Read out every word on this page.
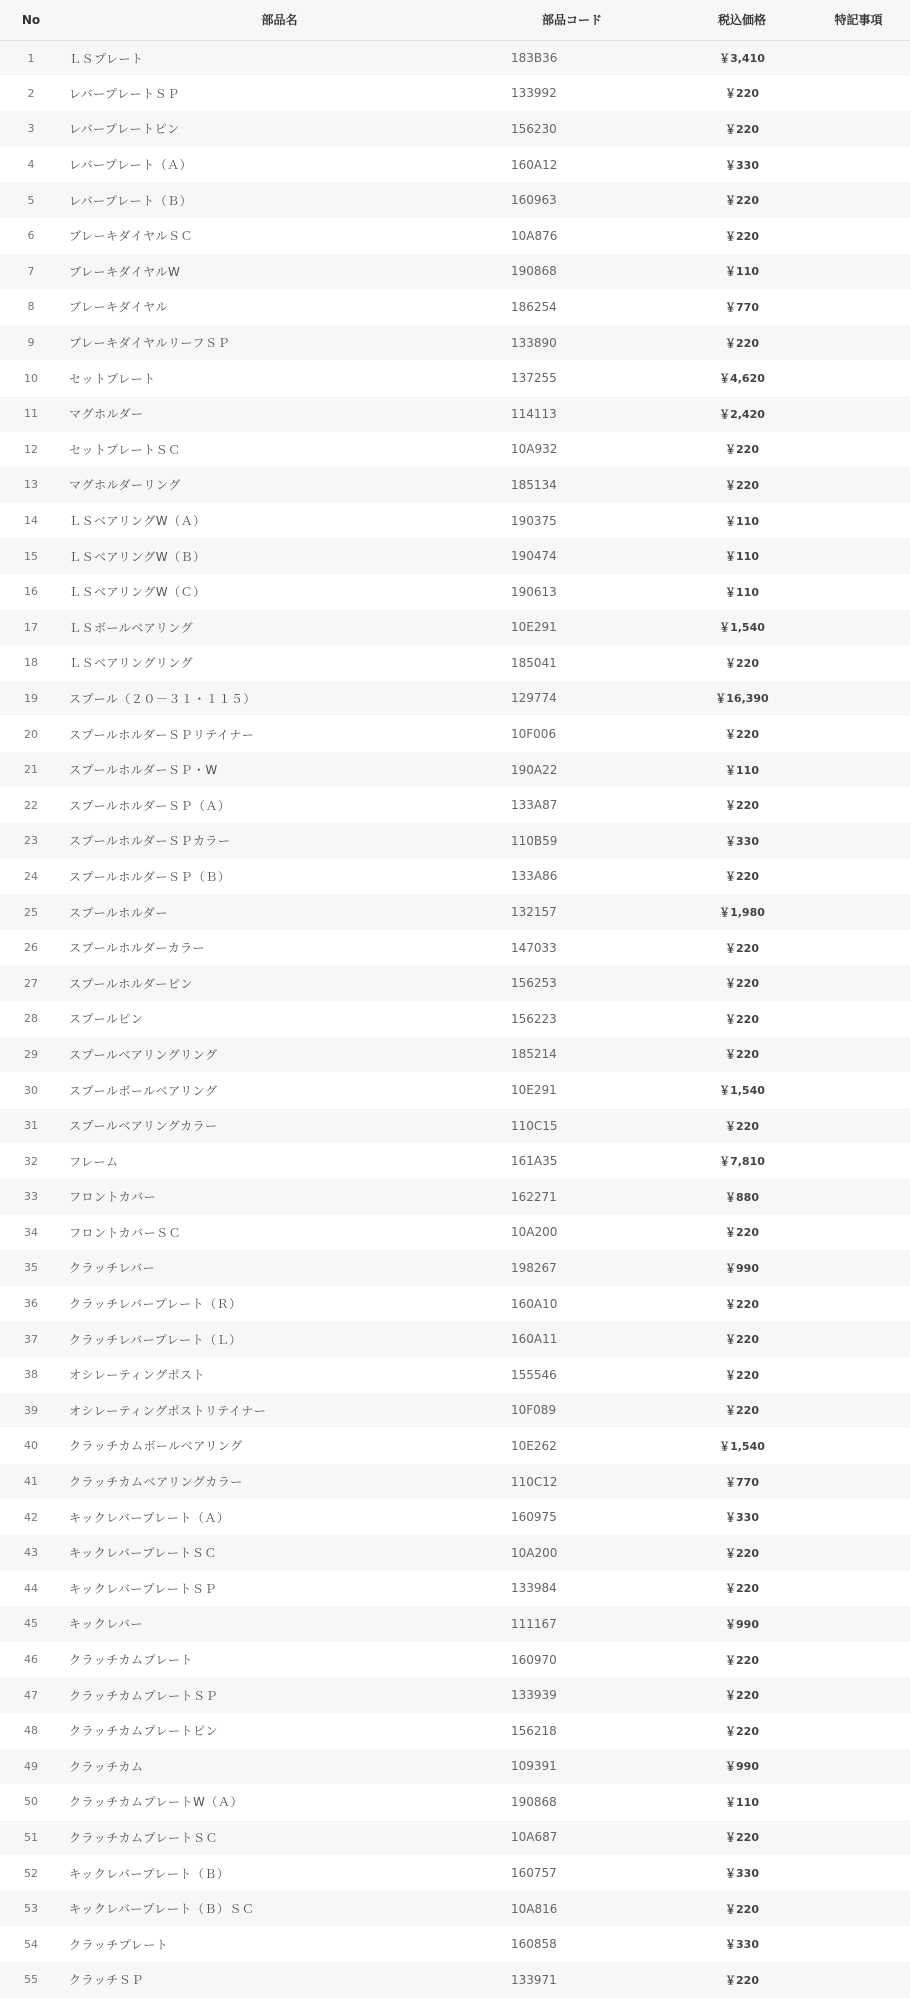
No	部品名	部品コード	税込価格	特記事項
1	ＬＳプレート	183B36	￥3,410	
2	レバープレートＳＰ	133992	￥220	
3	レバープレートピン	156230	￥220	
4	レバープレート（Ａ）	160A12	￥330	
5	レバープレート（Ｂ）	160963	￥220	
6	ブレーキダイヤルＳＣ	10A876	￥220	
7	ブレーキダイヤルW	190868	￥110	
8	ブレーキダイヤル	186254	￥770	
9	ブレーキダイヤルリーフＳＰ	133890	￥220	
10	セットプレート	137255	￥4,620	
11	マグホルダー	114113	￥2,420	
12	セットプレートＳＣ	10A932	￥220	
13	マグホルダーリング	185134	￥220	
14	ＬＳベアリングW（Ａ）	190375	￥110	
15	ＬＳベアリングW（Ｂ）	190474	￥110	
16	ＬＳベアリングW（Ｃ）	190613	￥110	
17	ＬＳボールベアリング	10E291	￥1,540	
18	ＬＳベアリングリング	185041	￥220	
19	スプール（２０－３１・１１５）	129774	￥16,390	
20	スプールホルダーＳＰリテイナー	10F006	￥220	
21	スプールホルダーＳＰ・W	190A22	￥110	
22	スプールホルダーＳＰ（Ａ）	133A87	￥220	
23	スプールホルダーＳＰカラー	110B59	￥330	
24	スプールホルダーＳＰ（Ｂ）	133A86	￥220	
25	スプールホルダー	132157	￥1,980	
26	スプールホルダーカラー	147033	￥220	
27	スプールホルダーピン	156253	￥220	
28	スプールピン	156223	￥220	
29	スプールベアリングリング	185214	￥220	
30	スプールボールベアリング	10E291	￥1,540	
31	スプールベアリングカラー	110C15	￥220	
32	フレーム	161A35	￥7,810	
33	フロントカバー	162271	￥880	
34	フロントカバーＳＣ	10A200	￥220	
35	クラッチレバー	198267	￥990	
36	クラッチレバープレート（Ｒ）	160A10	￥220	
37	クラッチレバープレート（Ｌ）	160A11	￥220	
38	オシレーティングポスト	155546	￥220	
39	オシレーティングポストリテイナー	10F089	￥220	
40	クラッチカムボールベアリング	10E262	￥1,540	
41	クラッチカムベアリングカラー	110C12	￥770	
42	キックレバープレート（Ａ）	160975	￥330	
43	キックレバープレートＳＣ	10A200	￥220	
44	キックレバープレートＳＰ	133984	￥220	
45	キックレバー	111167	￥990	
46	クラッチカムプレート	160970	￥220	
47	クラッチカムプレートＳＰ	133939	￥220	
48	クラッチカムプレートピン	156218	￥220	
49	クラッチカム	109391	￥990	
50	クラッチカムプレートW（Ａ）	190868	￥110	
51	クラッチカムプレートＳＣ	10A687	￥220	
52	キックレバープレート（Ｂ）	160757	￥330	
53	キックレバープレート（Ｂ）ＳＣ	10A816	￥220	
54	クラッチプレート	160858	￥330	
55	クラッチＳＰ	133971	￥220	
